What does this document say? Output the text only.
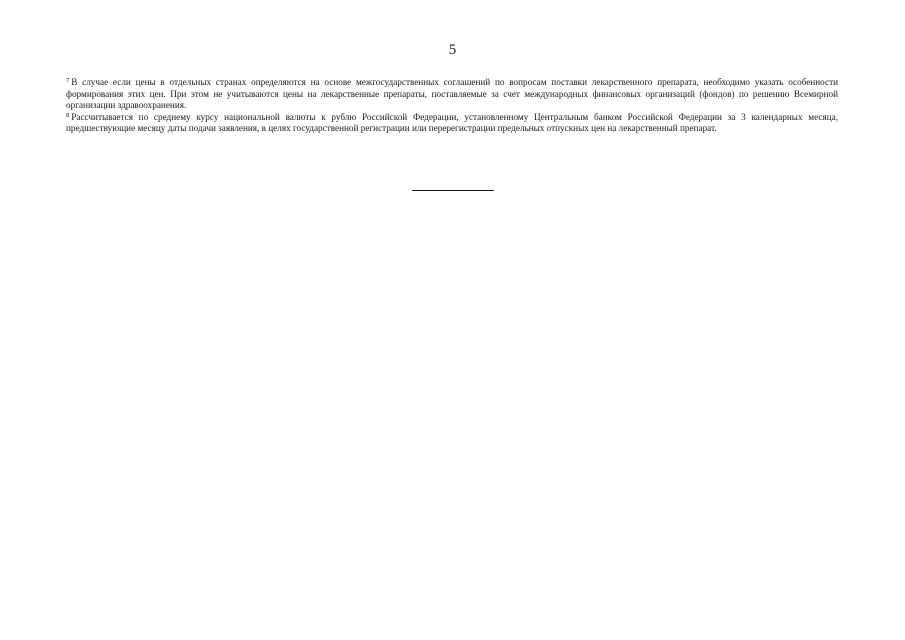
5

$^7$ В случае если цены в отдельных странах определяются на основе межгосударственных соглашений по вопросам поставки лекарственного препарата, необходимо указать особенности формирования этих цен. При этом не учитываются цены на лекарственные препараты, поставляемые за счет международных финансовых организаций (фондов) по решению Всемирной организации здравоохранения.

$^8$ Рассчитывается по среднему курсу национальной валюты к рублю Российской Федерации, установленному Центральным банком Российской Федерации за 3 календарных месяца, предшествующие месяцу даты подачи заявления, в целях государственной регистрации или перерегистрации предельных отпускных цен на лекарственный препарат.
